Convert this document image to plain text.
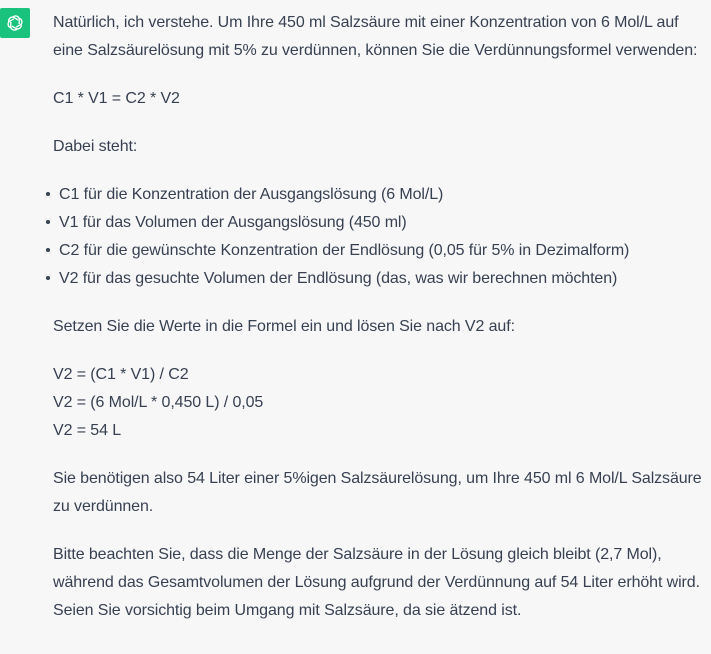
Natürlich, ich verstehe. Um Ihre 450 ml Salzsäure mit einer Konzentration von 6 Mol/L auf eine Salzsäurelösung mit 5% zu verdünnen, können Sie die Verdünnungsformel verwenden:

C1 * V1 = C2 * V2

Dabei steht:

C1 für die Konzentration der Ausgangslösung (6 Mol/L)
V1 für das Volumen der Ausgangslösung (450 ml)
C2 für die gewünschte Konzentration der Endlösung (0,05 für 5% in Dezimalform)
V2 für das gesuchte Volumen der Endlösung (das, was wir berechnen möchten)

Setzen Sie die Werte in die Formel ein und lösen Sie nach V2 auf:

V2 = (C1 * V1) / C2
V2 = (6 Mol/L * 0,450 L) / 0,05
V2 = 54 L

Sie benötigen also 54 Liter einer 5%igen Salzsäurelösung, um Ihre 450 ml 6 Mol/L Salzsäure zu verdünnen.

Bitte beachten Sie, dass die Menge der Salzsäure in der Lösung gleich bleibt (2,7 Mol), während das Gesamtvolumen der Lösung aufgrund der Verdünnung auf 54 Liter erhöht wird. Seien Sie vorsichtig beim Umgang mit Salzsäure, da sie ätzend ist.
